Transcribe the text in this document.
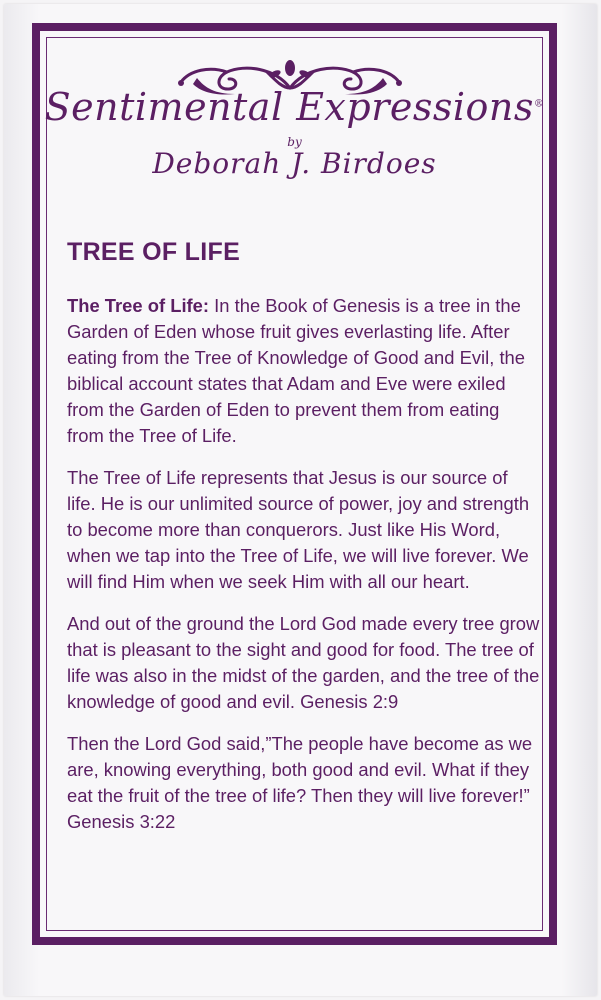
Sentimental Expressions®
by
Deborah J. Birdoes
TREE OF LIFE

The Tree of Life: In the Book of Genesis is a tree in the Garden of Eden whose fruit gives everlasting life. After eating from the Tree of Knowledge of Good and Evil, the biblical account states that Adam and Eve were exiled from the Garden of Eden to prevent them from eating from the Tree of Life.

The Tree of Life represents that Jesus is our source of life. He is our unlimited source of power, joy and strength to become more than conquerors. Just like His Word, when we tap into the Tree of Life, we will live forever. We will find Him when we seek Him with all our heart.

And out of the ground the Lord God made every tree grow that is pleasant to the sight and good for food. The tree of life was also in the midst of the garden, and the tree of the knowledge of good and evil. Genesis 2:9

Then the Lord God said,”The people have become as we are, knowing everything, both good and evil. What if they eat the fruit of the tree of life? Then they will live forever!” Genesis 3:22
